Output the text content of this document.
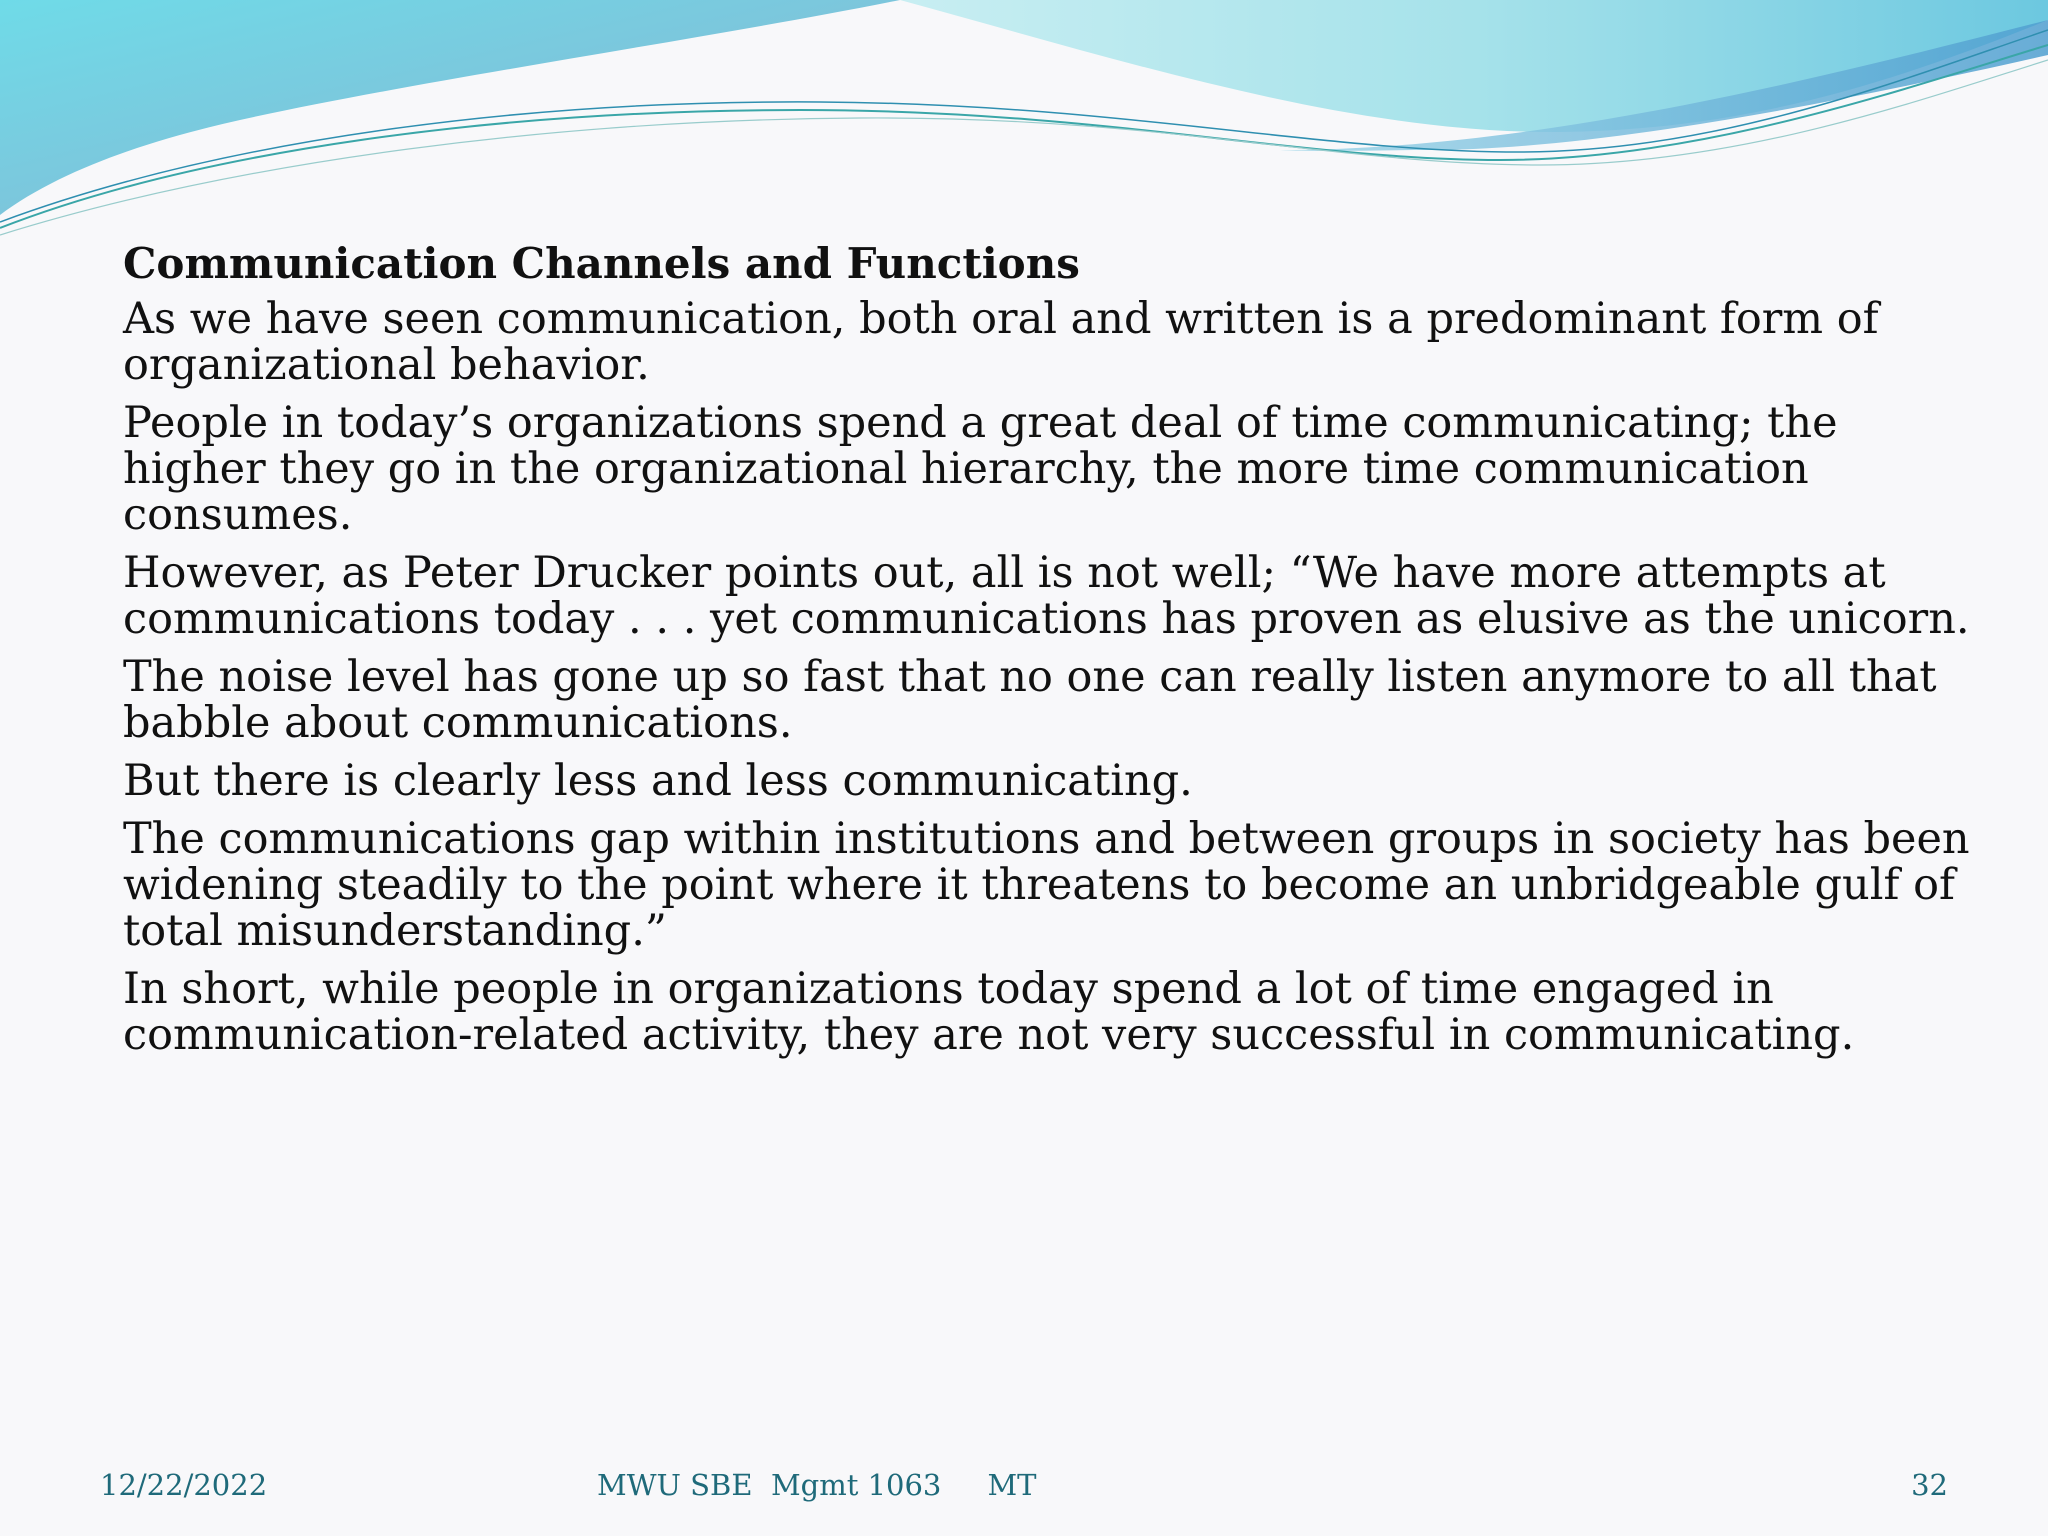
Communication Channels and Functions
As we have seen communication, both oral and written is a predominant form of organizational behavior.
People in today’s organizations spend a great deal of time communicating; the higher they go in the organizational hierarchy, the more time communication consumes.
However, as Peter Drucker points out, all is not well; “We have more attempts at communications today . . . yet communications has proven as elusive as the unicorn.
The noise level has gone up so fast that no one can really listen anymore to all that babble about communications.
But there is clearly less and less communicating.
The communications gap within institutions and between groups in society has been widening steadily to the point where it threatens to become an unbridgeable gulf of total misunderstanding.”
In short, while people in organizations today spend a lot of time engaged in communication-related activity, they are not very successful in communicating.
12/22/2022	MWU SBE  Mgmt 1063     MT	32
